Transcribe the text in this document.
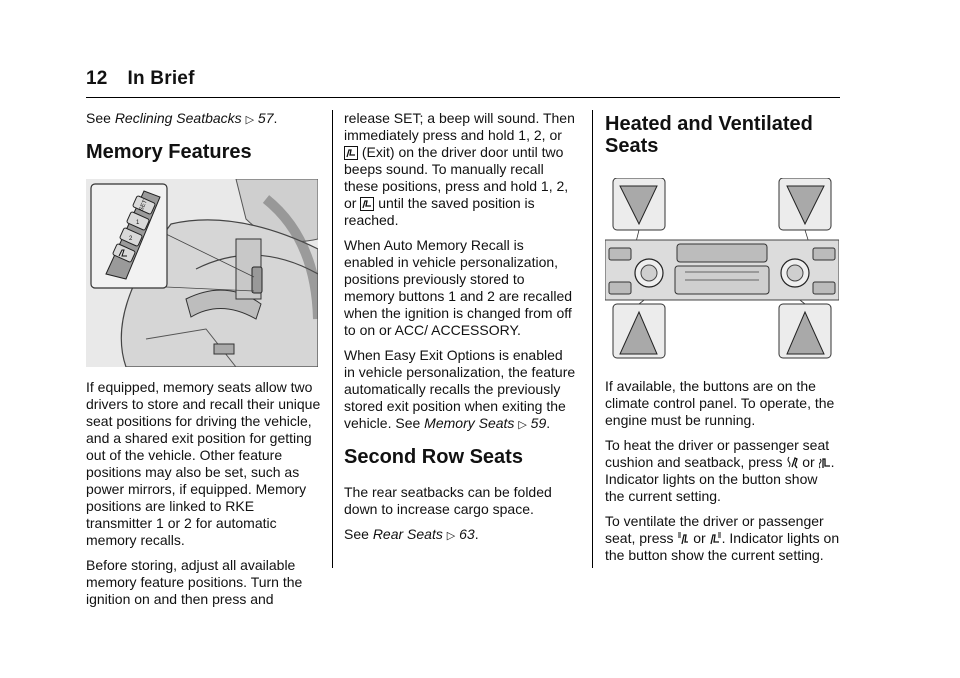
12 In Brief

See Reclining Seatbacks ▷ 57.

Memory Features
SET
1
2

If equipped, memory seats allow two drivers to store and recall their unique seat positions for driving the vehicle, and a shared exit position for getting out of the vehicle. Other feature positions may also be set, such as power mirrors, if equipped. Memory positions are linked to RKE transmitter 1 or 2 for automatic memory recalls.

Before storing, adjust all available memory feature positions. Turn the ignition on and then press and

release SET; a beep will sound. Then immediately press and hold 1, 2, or  (Exit) on the driver door until two beeps sound. To manually recall these positions, press and hold 1, 2, or until the saved position is reached.

When Auto Memory Recall is enabled in vehicle personalization, positions previously stored to memory buttons 1 and 2 are recalled when the ignition is changed from off to on or ACC/ ACCESSORY.

When Easy Exit Options is enabled in vehicle personalization, the feature automatically recalls the previously stored exit position when exiting the vehicle. See Memory Seats ▷ 59.

Second Row Seats

The rear seatbacks can be folded down to increase cargo space.

See Rear Seats ▷ 63.

Heated and Ventilated Seats

If available, the buttons are on the climate control panel. To operate, the engine must be running.

To heat the driver or passenger seat cushion and seatback, press or . Indicator lights on the button show the current setting.

To ventilate the driver or passenger seat, press or . Indicator lights on the button show the current setting.
